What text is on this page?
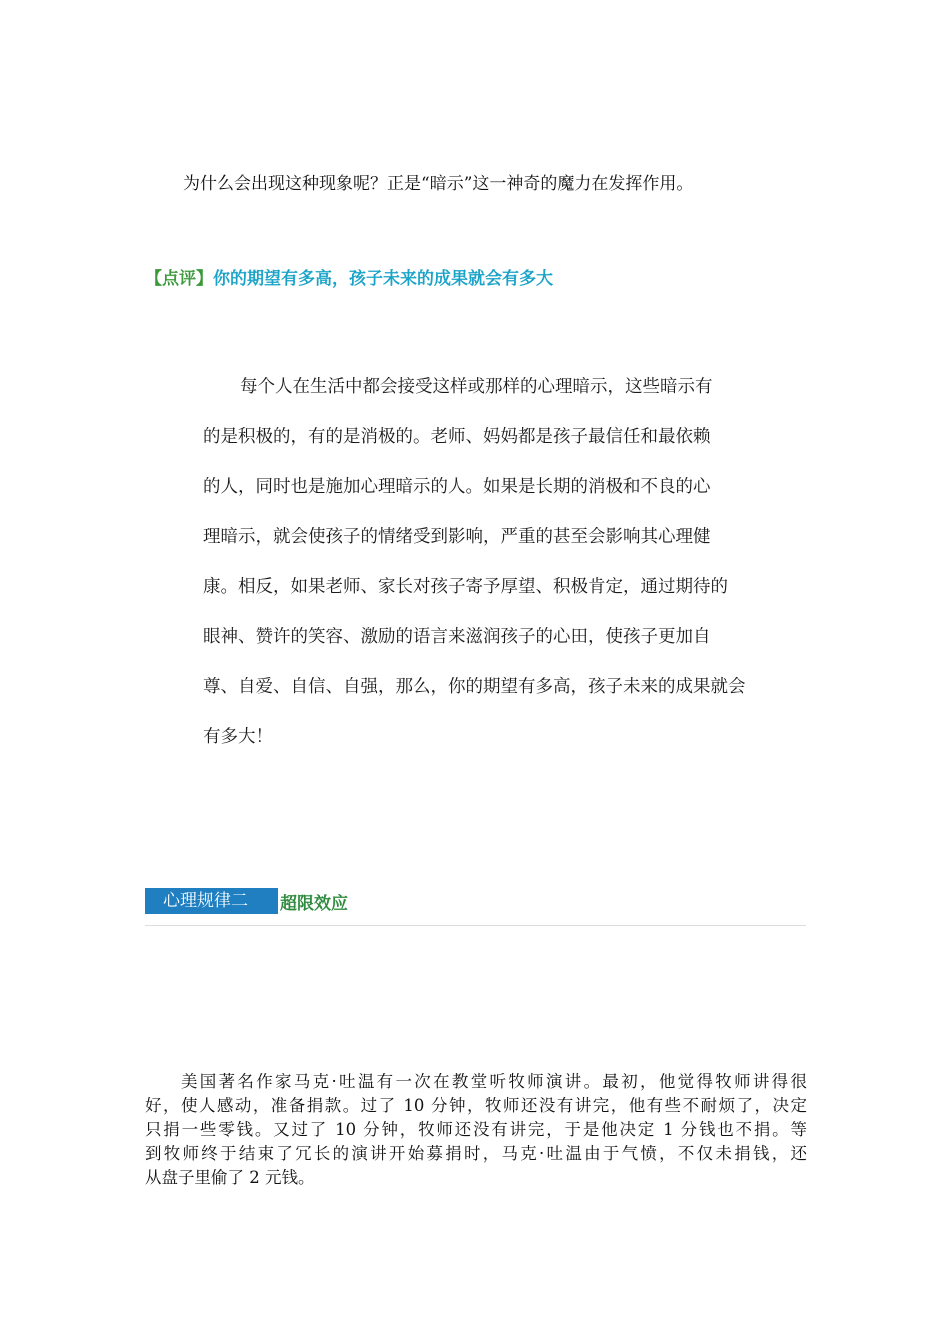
为什么会出现这种现象呢？正是“暗示”这一神奇的魔力在发挥作用。
【点评】你的期望有多高，孩子未来的成果就会有多大
每个人在生活中都会接受这样或那样的心理暗示，这些暗示有
的是积极的，有的是消极的。老师、妈妈都是孩子最信任和最依赖
的人，同时也是施加心理暗示的人。如果是长期的消极和不良的心
理暗示，就会使孩子的情绪受到影响，严重的甚至会影响其心理健
康。相反，如果老师、家长对孩子寄予厚望、积极肯定，通过期待的
眼神、赞许的笑容、激励的语言来滋润孩子的心田，使孩子更加自
尊、自爱、自信、自强，那么，你的期望有多高，孩子未来的成果就会
有多大！
心理规律二	超限效应
美国著名作家马克·吐温有一次在教堂听牧师演讲。最初，他觉得牧师讲得很
好，使人感动，准备捐款。过了 10 分钟，牧师还没有讲完，他有些不耐烦了，决定
只捐一些零钱。又过了 10 分钟，牧师还没有讲完，于是他决定 1 分钱也不捐。等
到牧师终于结束了冗长的演讲开始募捐时，马克·吐温由于气愤，不仅未捐钱，还
从盘子里偷了 2 元钱。
